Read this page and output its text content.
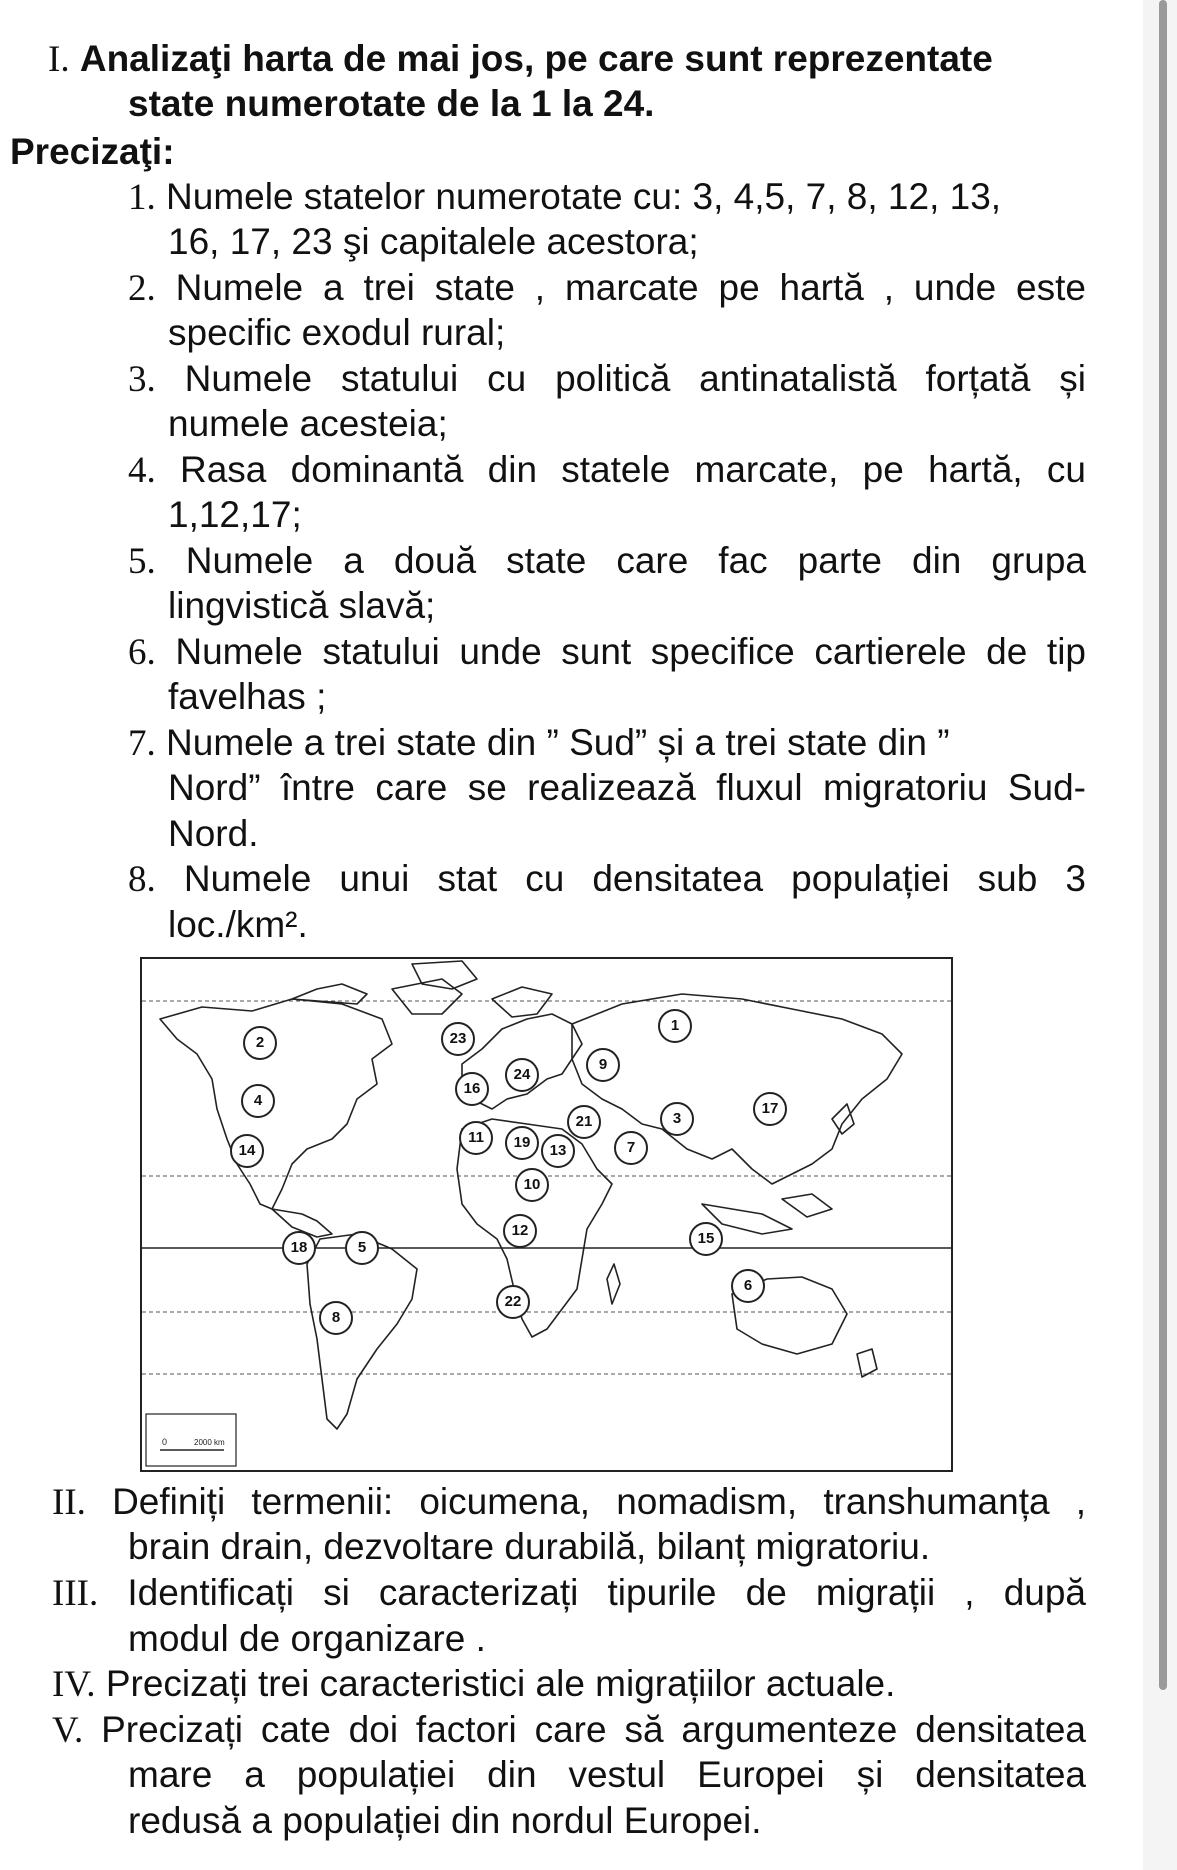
I. Analizaţi harta de mai jos, pe care sunt reprezentate
state numerotate de la 1 la 24.
Precizaţi:
1. Numele statelor numerotate cu: 3, 4,5, 7, 8, 12, 13,
16, 17, 23 şi capitalele acestora;
2. Numele a trei state , marcate pe hartă , unde este
specific exodul rural;
3. Numele statului cu politică antinatalistă forțată și
numele acesteia;
4. Rasa dominantă din statele marcate, pe hartă, cu
1,12,17;
5. Numele a două state care fac parte din grupa
lingvistică slavă;
6. Numele statului unde sunt specifice cartierele de tip
favelhas ;
7. Numele a trei state din ” Sud” și a trei state din ”
Nord” între care se realizează fluxul migratoriu Sud-
Nord.
8. Numele unui stat cu densitatea populației sub 3
loc./km².
0	2000 km
1
2
3
4
5
6
7
8
9
10
11
12
13
14
15
16
17
18
19
21
22
23
24
II. Definiți termenii: oicumena, nomadism, transhumanța ,
brain drain, dezvoltare durabilă, bilanț migratoriu.
III. Identificați si caracterizați tipurile de migrații , după
modul de organizare .
IV. Precizați trei caracteristici ale migrațiilor actuale.
V. Precizați cate doi factori care să argumenteze densitatea
mare a populației din vestul Europei și densitatea
redusă a populației din nordul Europei.
